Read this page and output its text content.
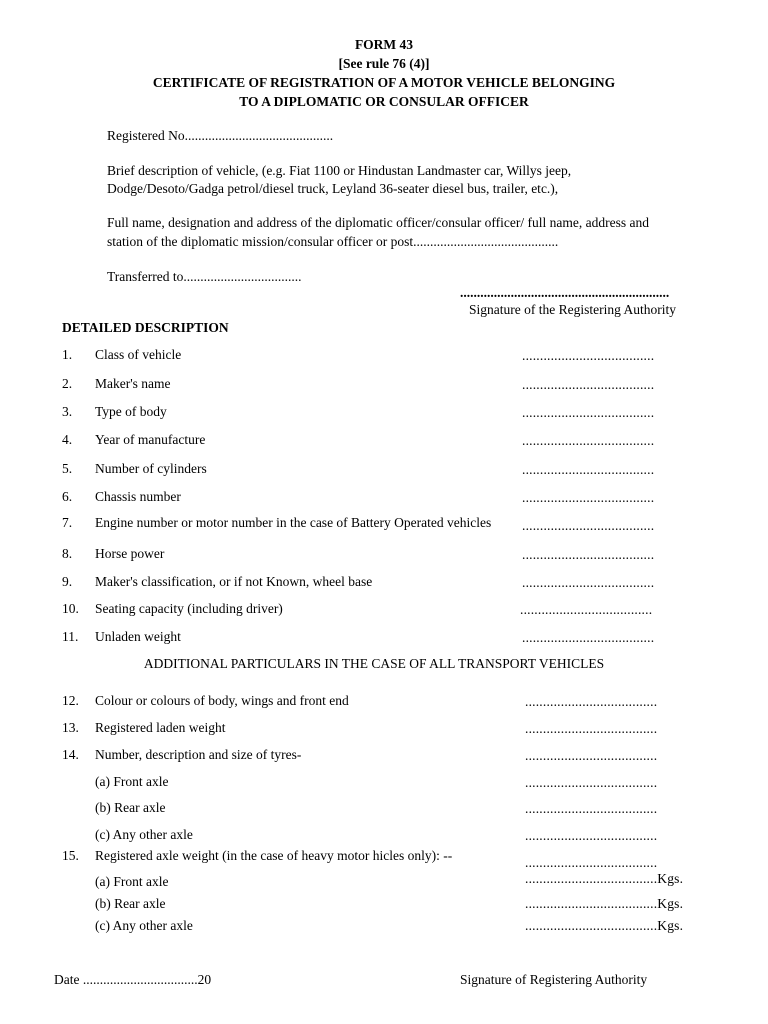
FORM 43
[See rule 76 (4)]
CERTIFICATE OF REGISTRATION OF A MOTOR VEHICLE BELONGING
TO A DIPLOMATIC OR CONSULAR OFFICER
Registered No............................................
Brief description of vehicle, (e.g. Fiat 1100 or Hindustan Landmaster car, Willys jeep,
Dodge/Desoto/Gadga petrol/diesel truck, Leyland 36-seater diesel bus, trailer, etc.),
Full name, designation and address of the diplomatic officer/consular officer/ full name, address and
station of the diplomatic mission/consular officer or post...........................................
Transferred to...................................
..............................................................
Signature of the Registering Authority
DETAILED DESCRIPTION
1. Class of vehicle	.....................................
2. Maker's name	.....................................
3. Type of body	.....................................
4. Year of manufacture	.....................................
5. Number of cylinders	.....................................
6. Chassis number	.....................................
7. Engine number or motor number in the case of Battery Operated vehicles .....................................
8. Horse power	.....................................
9. Maker's classification, or if not Known, wheel base	.....................................
10. Seating capacity (including driver)	.....................................
11. Unladen weight	.....................................
ADDITIONAL PARTICULARS IN THE CASE OF ALL TRANSPORT VEHICLES
12. Colour or colours of body, wings and front end	.....................................
13. Registered laden weight	.....................................
14. Number, description and size of tyres-	.....................................
(a) Front axle	.....................................
(b) Rear axle	.....................................
(c) Any other axle	.....................................
15. Registered axle weight (in the case of heavy motor hicles only): --	.....................................
(a) Front axle	.....................................Kgs.
(b) Rear axle	.....................................Kgs.
(c) Any other axle	.....................................Kgs.
Date ..................................20	Signature of Registering Authority
